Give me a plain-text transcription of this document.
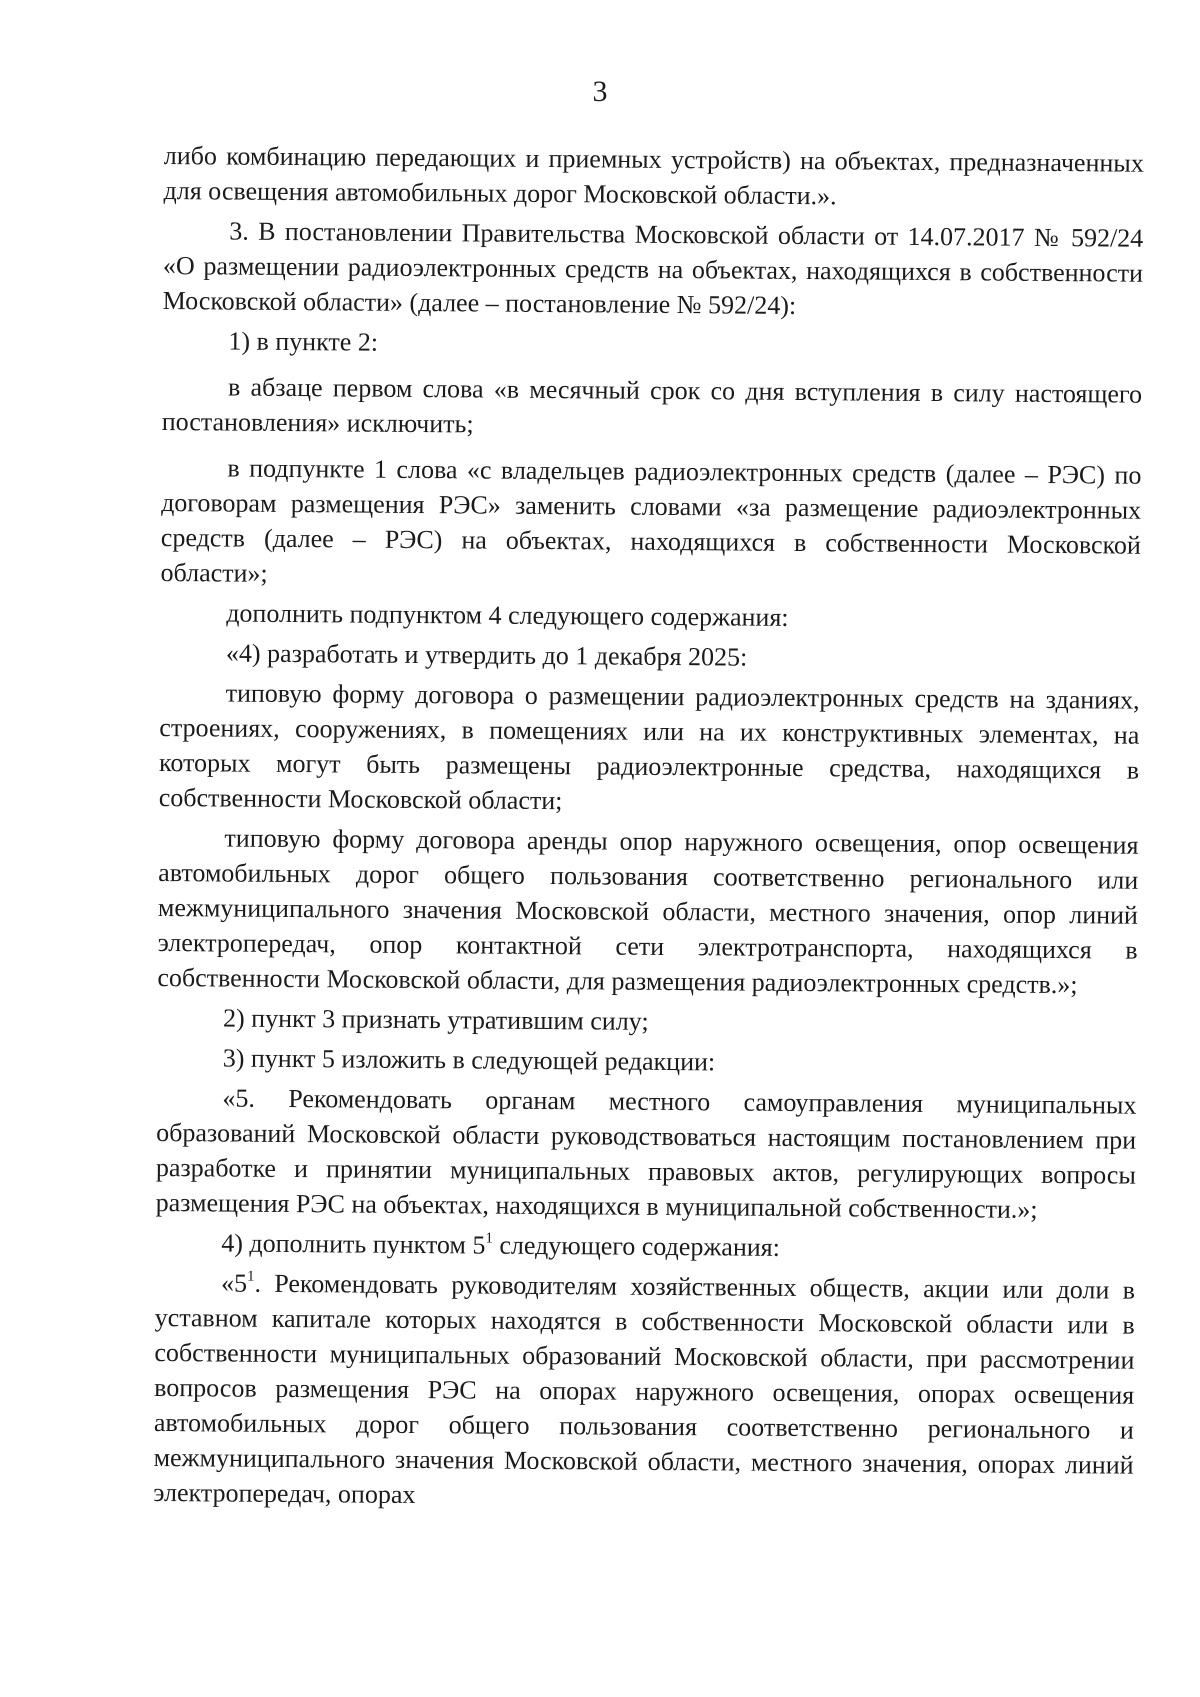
3

либо комбинацию передающих и приемных устройств) на объектах, предназначенных для освещения автомобильных дорог Московской области.».

3. В постановлении Правительства Московской области от 14.07.2017 № 592/24 «О размещении радиоэлектронных средств на объектах, находящихся в собственности Московской области» (далее – постановление № 592/24):

1) в пункте 2:

в абзаце первом слова «в месячный срок со дня вступления в силу настоящего постановления» исключить;

в подпункте 1 слова «с владельцев радиоэлектронных средств (далее – РЭС) по договорам размещения РЭС» заменить словами «за размещение радиоэлектронных средств (далее – РЭС) на объектах, находящихся в собственности Московской области»;

дополнить подпунктом 4 следующего содержания:

«4) разработать и утвердить до 1 декабря 2025:

типовую форму договора о размещении радиоэлектронных средств на зданиях, строениях, сооружениях, в помещениях или на их конструктивных элементах, на которых могут быть размещены радиоэлектронные средства, находящихся в собственности Московской области;

типовую форму договора аренды опор наружного освещения, опор освещения автомобильных дорог общего пользования соответственно регионального или межмуниципального значения Московской области, местного значения, опор линий электропередач, опор контактной сети электротранспорта, находящихся в собственности Московской области, для размещения радиоэлектронных средств.»;

2) пункт 3 признать утратившим силу;

3) пункт 5 изложить в следующей редакции:

«5. Рекомендовать органам местного самоуправления муниципальных образований Московской области руководствоваться настоящим постановлением при разработке и принятии муниципальных правовых актов, регулирующих вопросы размещения РЭС на объектах, находящихся в муниципальной собственности.»;

4) дополнить пунктом $5^1$ следующего содержания:

«$5^1$. Рекомендовать руководителям хозяйственных обществ, акции или доли в уставном капитале которых находятся в собственности Московской области или в собственности муниципальных образований Московской области, при рассмотрении вопросов размещения РЭС на опорах наружного освещения, опорах освещения автомобильных дорог общего пользования соответственно регионального и межмуниципального значения Московской области, местного значения, опорах линий электропередач, опорах
